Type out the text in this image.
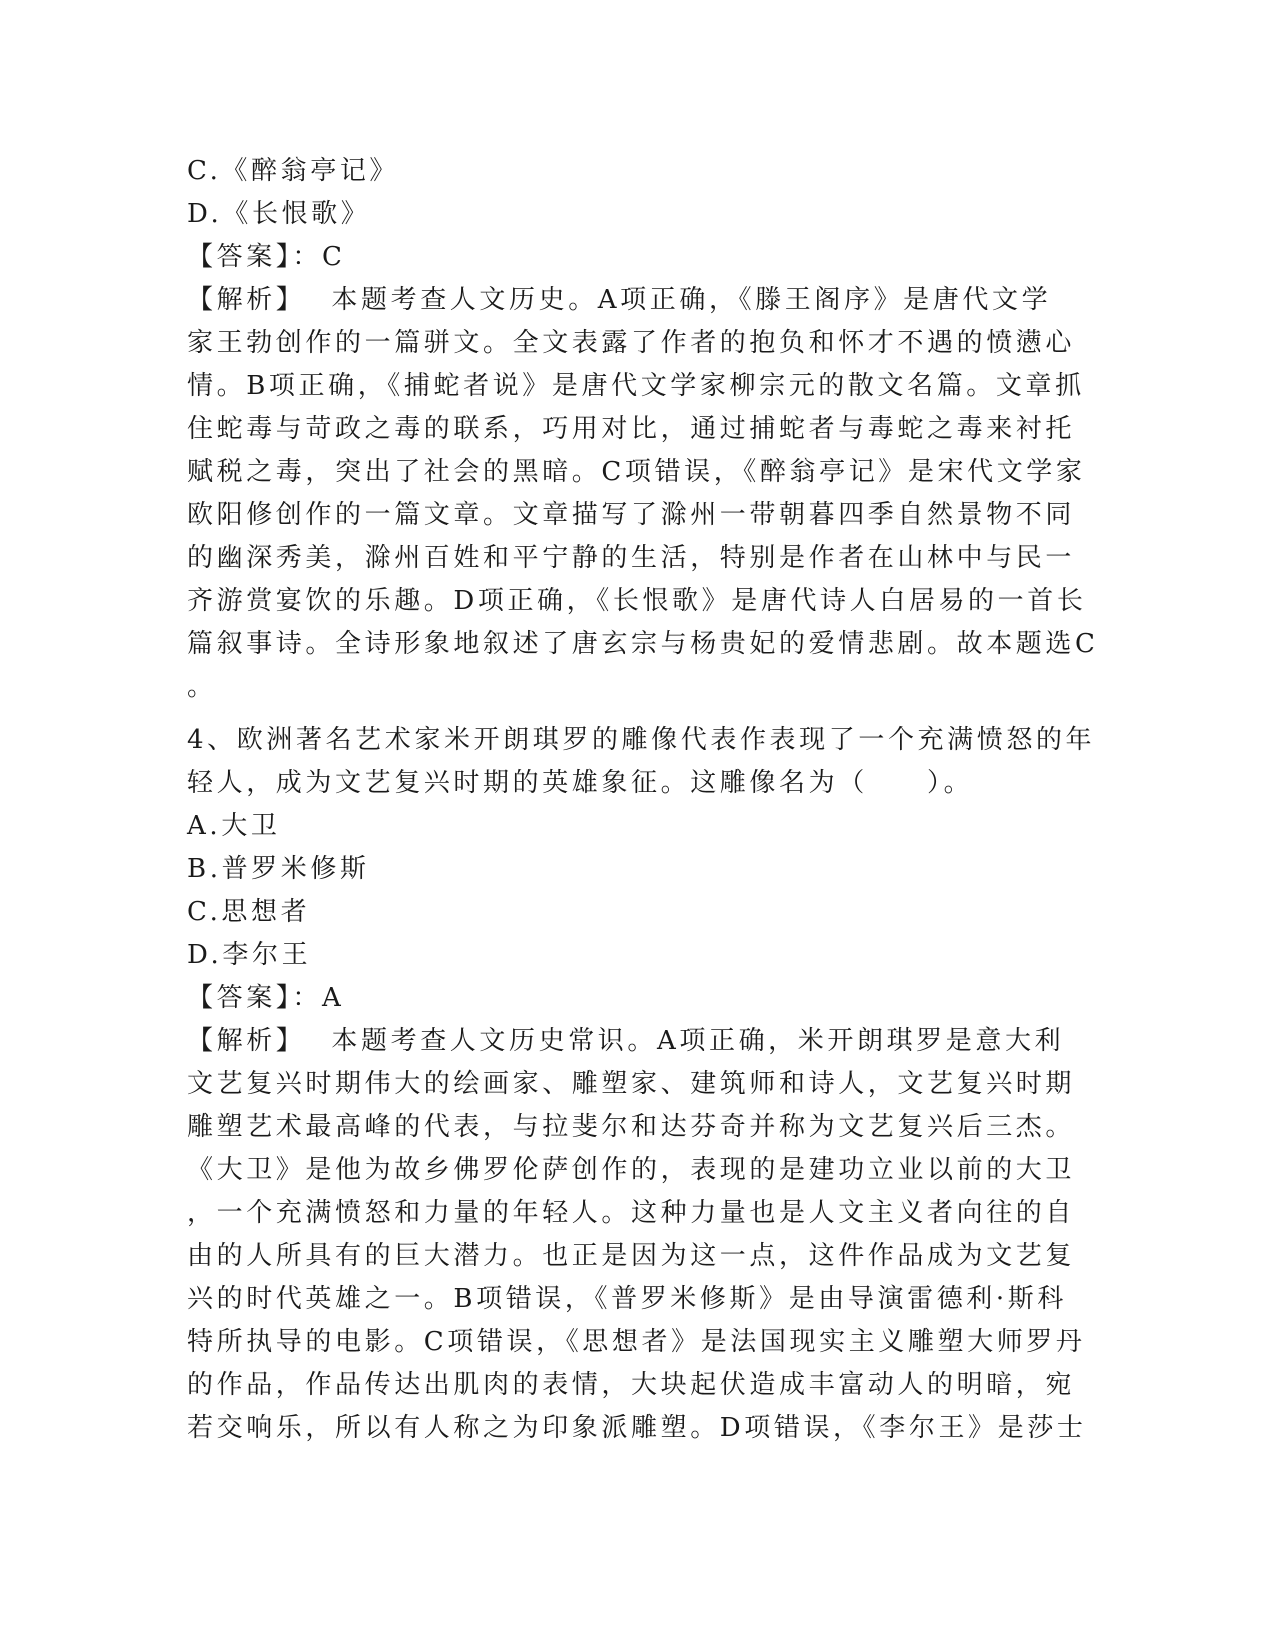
C.《醉翁亭记》
D.《长恨歌》
【答案】：C
【解析】 本题考查人文历史。A项正确，《滕王阁序》是唐代文学
家王勃创作的一篇骈文。全文表露了作者的抱负和怀才不遇的愤懑心
情。B项正确，《捕蛇者说》是唐代文学家柳宗元的散文名篇。文章抓
住蛇毒与苛政之毒的联系，巧用对比，通过捕蛇者与毒蛇之毒来衬托
赋税之毒，突出了社会的黑暗。C项错误，《醉翁亭记》是宋代文学家
欧阳修创作的一篇文章。文章描写了滁州一带朝暮四季自然景物不同
的幽深秀美，滁州百姓和平宁静的生活，特别是作者在山林中与民一
齐游赏宴饮的乐趣。D项正确，《长恨歌》是唐代诗人白居易的一首长
篇叙事诗。全诗形象地叙述了唐玄宗与杨贵妃的爱情悲剧。故本题选C
。
4、欧洲著名艺术家米开朗琪罗的雕像代表作表现了一个充满愤怒的年
轻人，成为文艺复兴时期的英雄象征。这雕像名为（　　）。
A.大卫
B.普罗米修斯
C.思想者
D.李尔王
【答案】：A
【解析】 本题考查人文历史常识。A项正确，米开朗琪罗是意大利
文艺复兴时期伟大的绘画家、雕塑家、建筑师和诗人，文艺复兴时期
雕塑艺术最高峰的代表，与拉斐尔和达芬奇并称为文艺复兴后三杰。
《大卫》是他为故乡佛罗伦萨创作的，表现的是建功立业以前的大卫
，一个充满愤怒和力量的年轻人。这种力量也是人文主义者向往的自
由的人所具有的巨大潜力。也正是因为这一点，这件作品成为文艺复
兴的时代英雄之一。B项错误，《普罗米修斯》是由导演雷德利·斯科
特所执导的电影。C项错误，《思想者》是法国现实主义雕塑大师罗丹
的作品，作品传达出肌肉的表情，大块起伏造成丰富动人的明暗，宛
若交响乐，所以有人称之为印象派雕塑。D项错误，《李尔王》是莎士
